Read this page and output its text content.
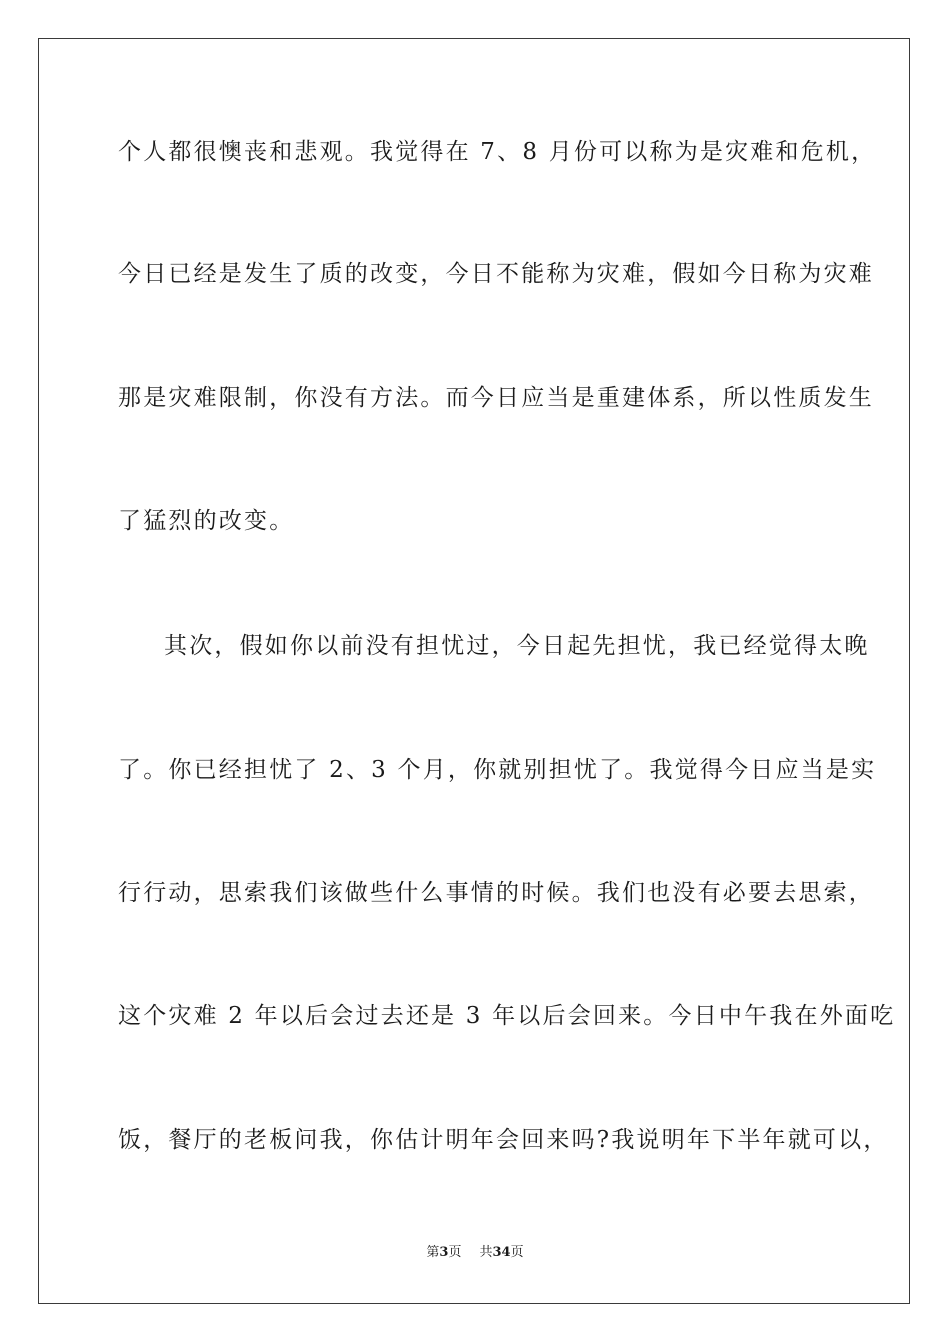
个人都很懊丧和悲观。我觉得在 7、8 月份可以称为是灾难和危机，
今日已经是发生了质的改变，今日不能称为灾难，假如今日称为灾难
那是灾难限制，你没有方法。而今日应当是重建体系，所以性质发生
了猛烈的改变。
其次，假如你以前没有担忧过，今日起先担忧，我已经觉得太晚
了。你已经担忧了 2、3 个月，你就别担忧了。我觉得今日应当是实
行行动，思索我们该做些什么事情的时候。我们也没有必要去思索，
这个灾难 2 年以后会过去还是 3 年以后会回来。今日中午我在外面吃
饭，餐厅的老板问我，你估计明年会回来吗?我说明年下半年就可以，
第3页 共34页
